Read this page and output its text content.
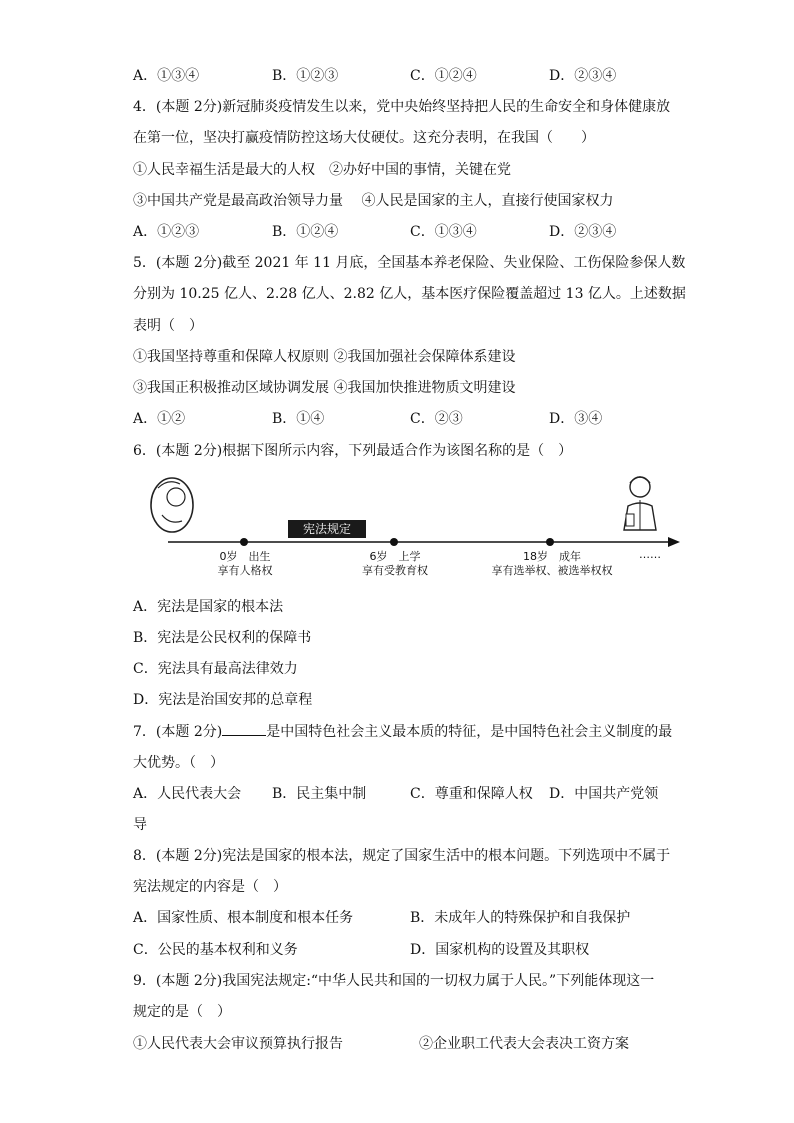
A．①③④	B．①②③	C．①②④	D．②③④
4．(本题 2分)新冠肺炎疫情发生以来，党中央始终坚持把人民的生命安全和身体健康放
在第一位，坚决打赢疫情防控这场大仗硬仗。这充分表明，在我国（　　）
①人民幸福生活是最大的人权　②办好中国的事情，关键在党
③中国共产党是最高政治领导力量　 ④人民是国家的主人，直接行使国家权力
A．①②③	B．①②④	C．①③④	D．②③④
5．(本题 2分)截至 2021 年 11 月底，全国基本养老保险、失业保险、工伤保险参保人数
分别为 10.25 亿人、2.28 亿人、2.82 亿人，基本医疗保险覆盖超过 13 亿人。上述数据
表明（　）
①我国坚持尊重和保障人权原则 ②我国加强社会保障体系建设
③我国正积极推动区域协调发展 ④我国加快推进物质文明建设
A．①②	B．①④	C．②③	D．③④
6．(本题 2分)根据下图所示内容，下列最适合作为该图名称的是（　）
宪法规定
0岁　出生
享有人格权
6岁　上学
享有受教育权
18岁　成年
享有选举权、被选举权权
……
A．宪法是国家的根本法
B．宪法是公民权利的保障书
C．宪法具有最高法律效力
D．宪法是治国安邦的总章程
7．(本题 2分)	是中国特色社会主义最本质的特征，是中国特色社会主义制度的最
大优势。（　）
A．人民代表大会 B．民主集中制	C．尊重和保障人权 D．中国共产党领
导
8．(本题 2分)宪法是国家的根本法，规定了国家生活中的根本问题。下列选项中不属于
宪法规定的内容是（　）
A．国家性质、根本制度和根本任务	B．未成年人的特殊保护和自我保护
C．公民的基本权利和义务	D．国家机构的设置及其职权
9．(本题 2分)我国宪法规定:“中华人民共和国的一切权力属于人民。”下列能体现这一
规定的是（　）
①人民代表大会审议预算执行报告	②企业职工代表大会表决工资方案
